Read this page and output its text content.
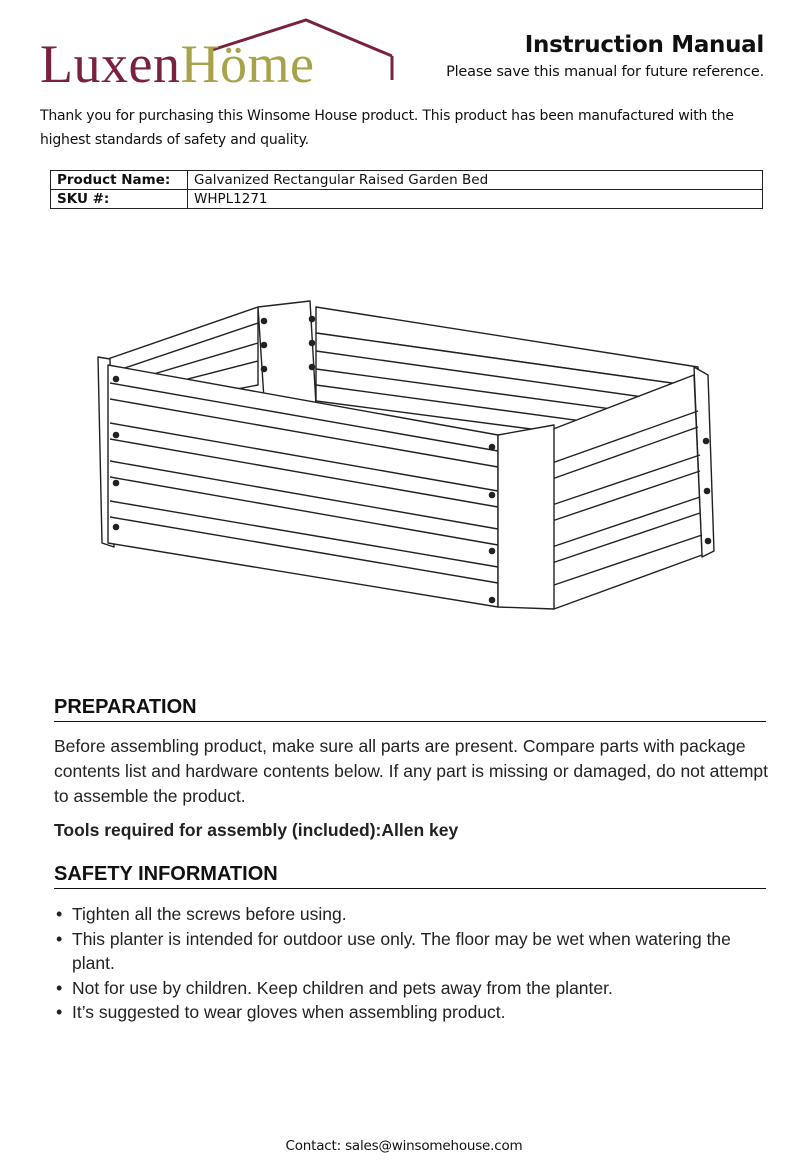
LuxenHöme	Instruction Manual
Please save this manual for future reference.
Thank you for purchasing this Winsome House product. This product has been manufactured with the highest standards of safety and quality.
Product Name:	Galvanized Rectangular Raised Garden Bed
SKU #:	WHPL1271
PREPARATION
Before assembling product, make sure all parts are present. Compare parts with package contents list and hardware contents below. If any part is missing or damaged, do not attempt to assemble the product.
Tools required for assembly (included):Allen key
SAFETY INFORMATION
• Tighten all the screws before using.
• This planter is intended for outdoor use only. The floor may be wet when watering the plant.
• Not for use by children. Keep children and pets away from the planter.
• It’s suggested to wear gloves when assembling product.
Contact: sales@winsomehouse.com
